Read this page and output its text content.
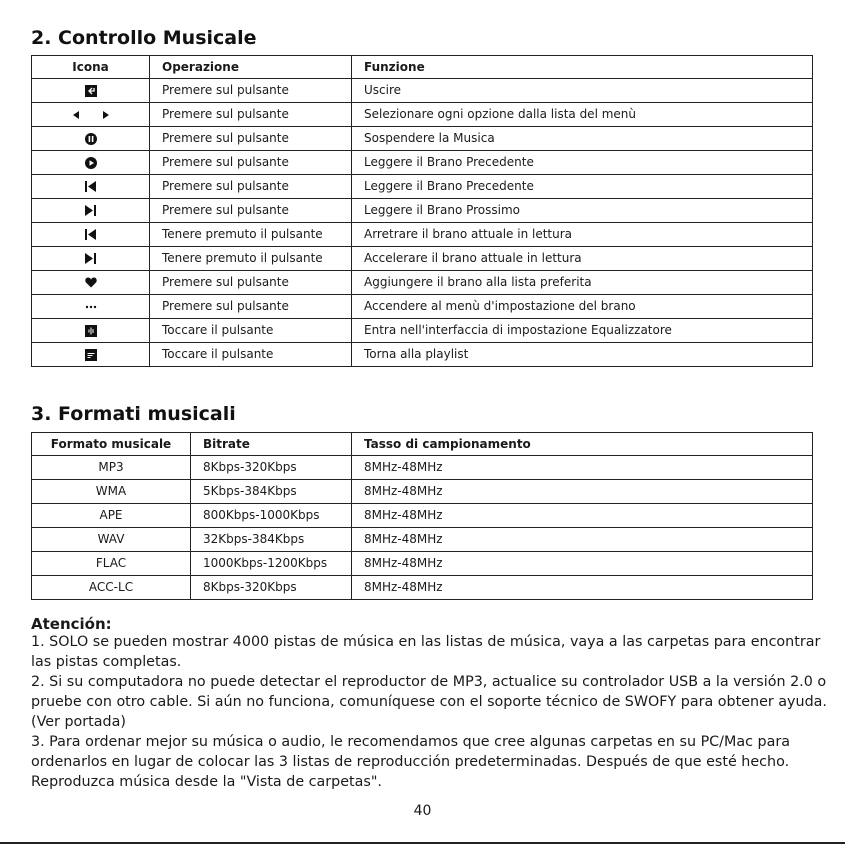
2. Controllo Musicale
Icona	Operazione	Funzione
	Premere sul pulsante	Uscire
	Premere sul pulsante	Selezionare ogni opzione dalla lista del menù
	Premere sul pulsante	Sospendere la Musica
	Premere sul pulsante	Leggere il Brano Precedente
	Premere sul pulsante	Leggere il Brano Precedente
	Premere sul pulsante	Leggere il Brano Prossimo
	Tenere premuto il pulsante	Arretrare il brano attuale in lettura
	Tenere premuto il pulsante	Accelerare il brano attuale in lettura
	Premere sul pulsante	Aggiungere il brano alla lista preferita
	Premere sul pulsante	Accendere al menù d'impostazione del brano
	Toccare il pulsante	Entra nell'interfaccia di impostazione Equalizzatore
	Toccare il pulsante	Torna alla playlist
3. Formati musicali
Formato musicale	Bitrate	Tasso di campionamento
MP3	8Kbps-320Kbps	8MHz-48MHz
WMA	5Kbps-384Kbps	8MHz-48MHz
APE	800Kbps-1000Kbps	8MHz-48MHz
WAV	32Kbps-384Kbps	8MHz-48MHz
FLAC	1000Kbps-1200Kbps	8MHz-48MHz
ACC-LC	8Kbps-320Kbps	8MHz-48MHz
Atención:

1. SOLO se pueden mostrar 4000 pistas de música en las listas de música, vaya a las carpetas para encontrar las pistas completas.

2. Si su computadora no puede detectar el reproductor de MP3, actualice su controlador USB a la versión 2.0 o pruebe con otro cable. Si aún no funciona, comuníquese con el soporte técnico de SWOFY para obtener ayuda. (Ver portada)

3. Para ordenar mejor su música o audio, le recomendamos que cree algunas carpetas en su PC/Mac para ordenarlos en lugar de colocar las 3 listas de reproducción predeterminadas. Después de que esté hecho. Reproduzca música desde la "Vista de carpetas".

40
